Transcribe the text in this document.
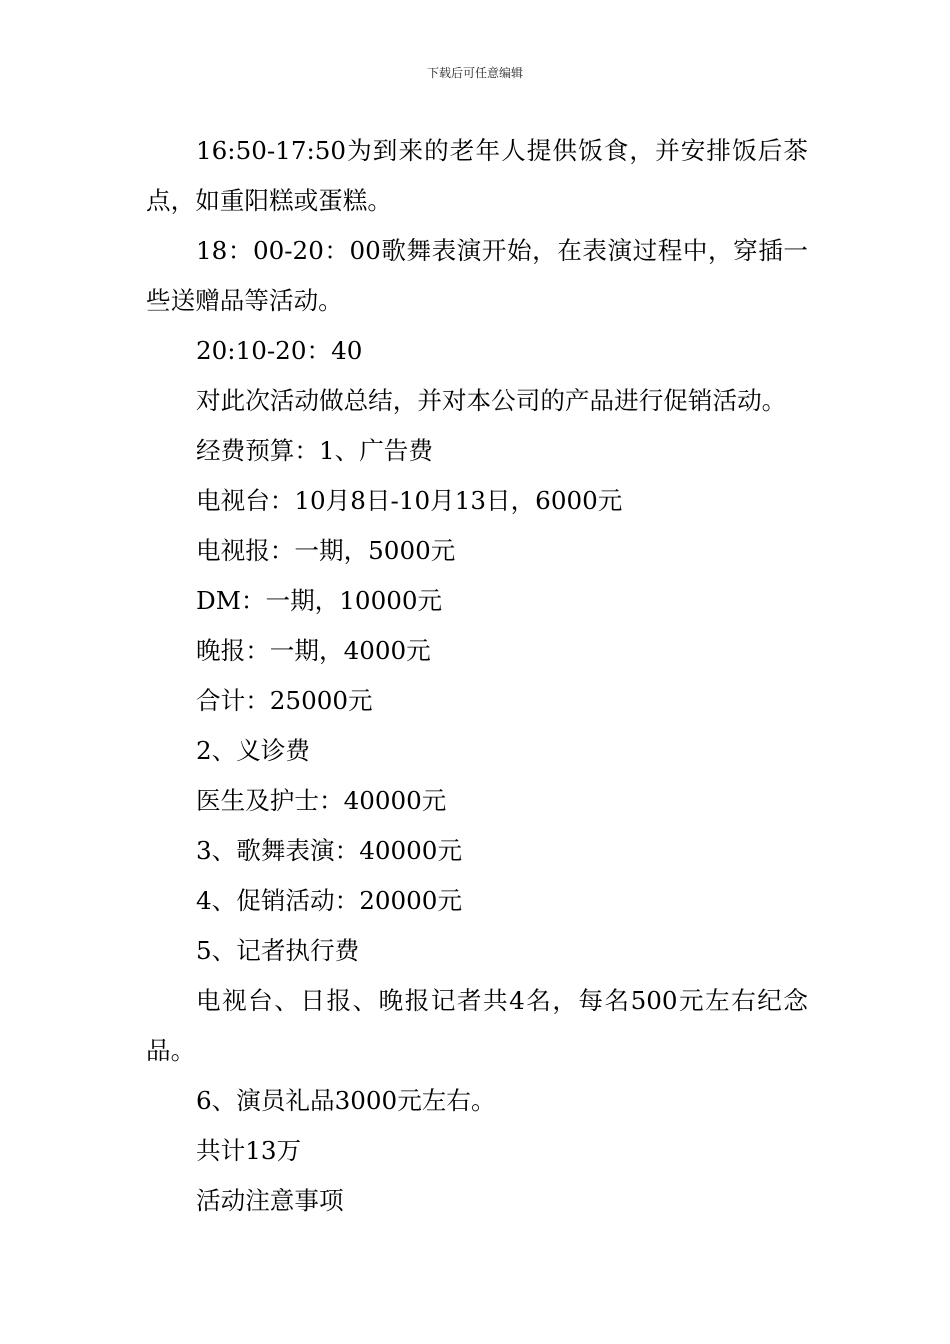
下载后可任意编辑

16:50-17:50为到来的老年人提供饭食，并安排饭后茶点，如重阳糕或蛋糕。

18：00-20：00歌舞表演开始，在表演过程中，穿插一些送赠品等活动。

20:10-20：40

对此次活动做总结，并对本公司的产品进行促销活动。

经费预算：1、广告费

电视台：10月8日-10月13日，6000元

电视报：一期，5000元

DM：一期，10000元

晚报：一期，4000元

合计：25000元

2、义诊费

医生及护士：40000元

3、歌舞表演：40000元

4、促销活动：20000元

5、记者执行费

电视台、日报、晚报记者共4名，每名500元左右纪念品。

6、演员礼品3000元左右。

共计13万

活动注意事项
